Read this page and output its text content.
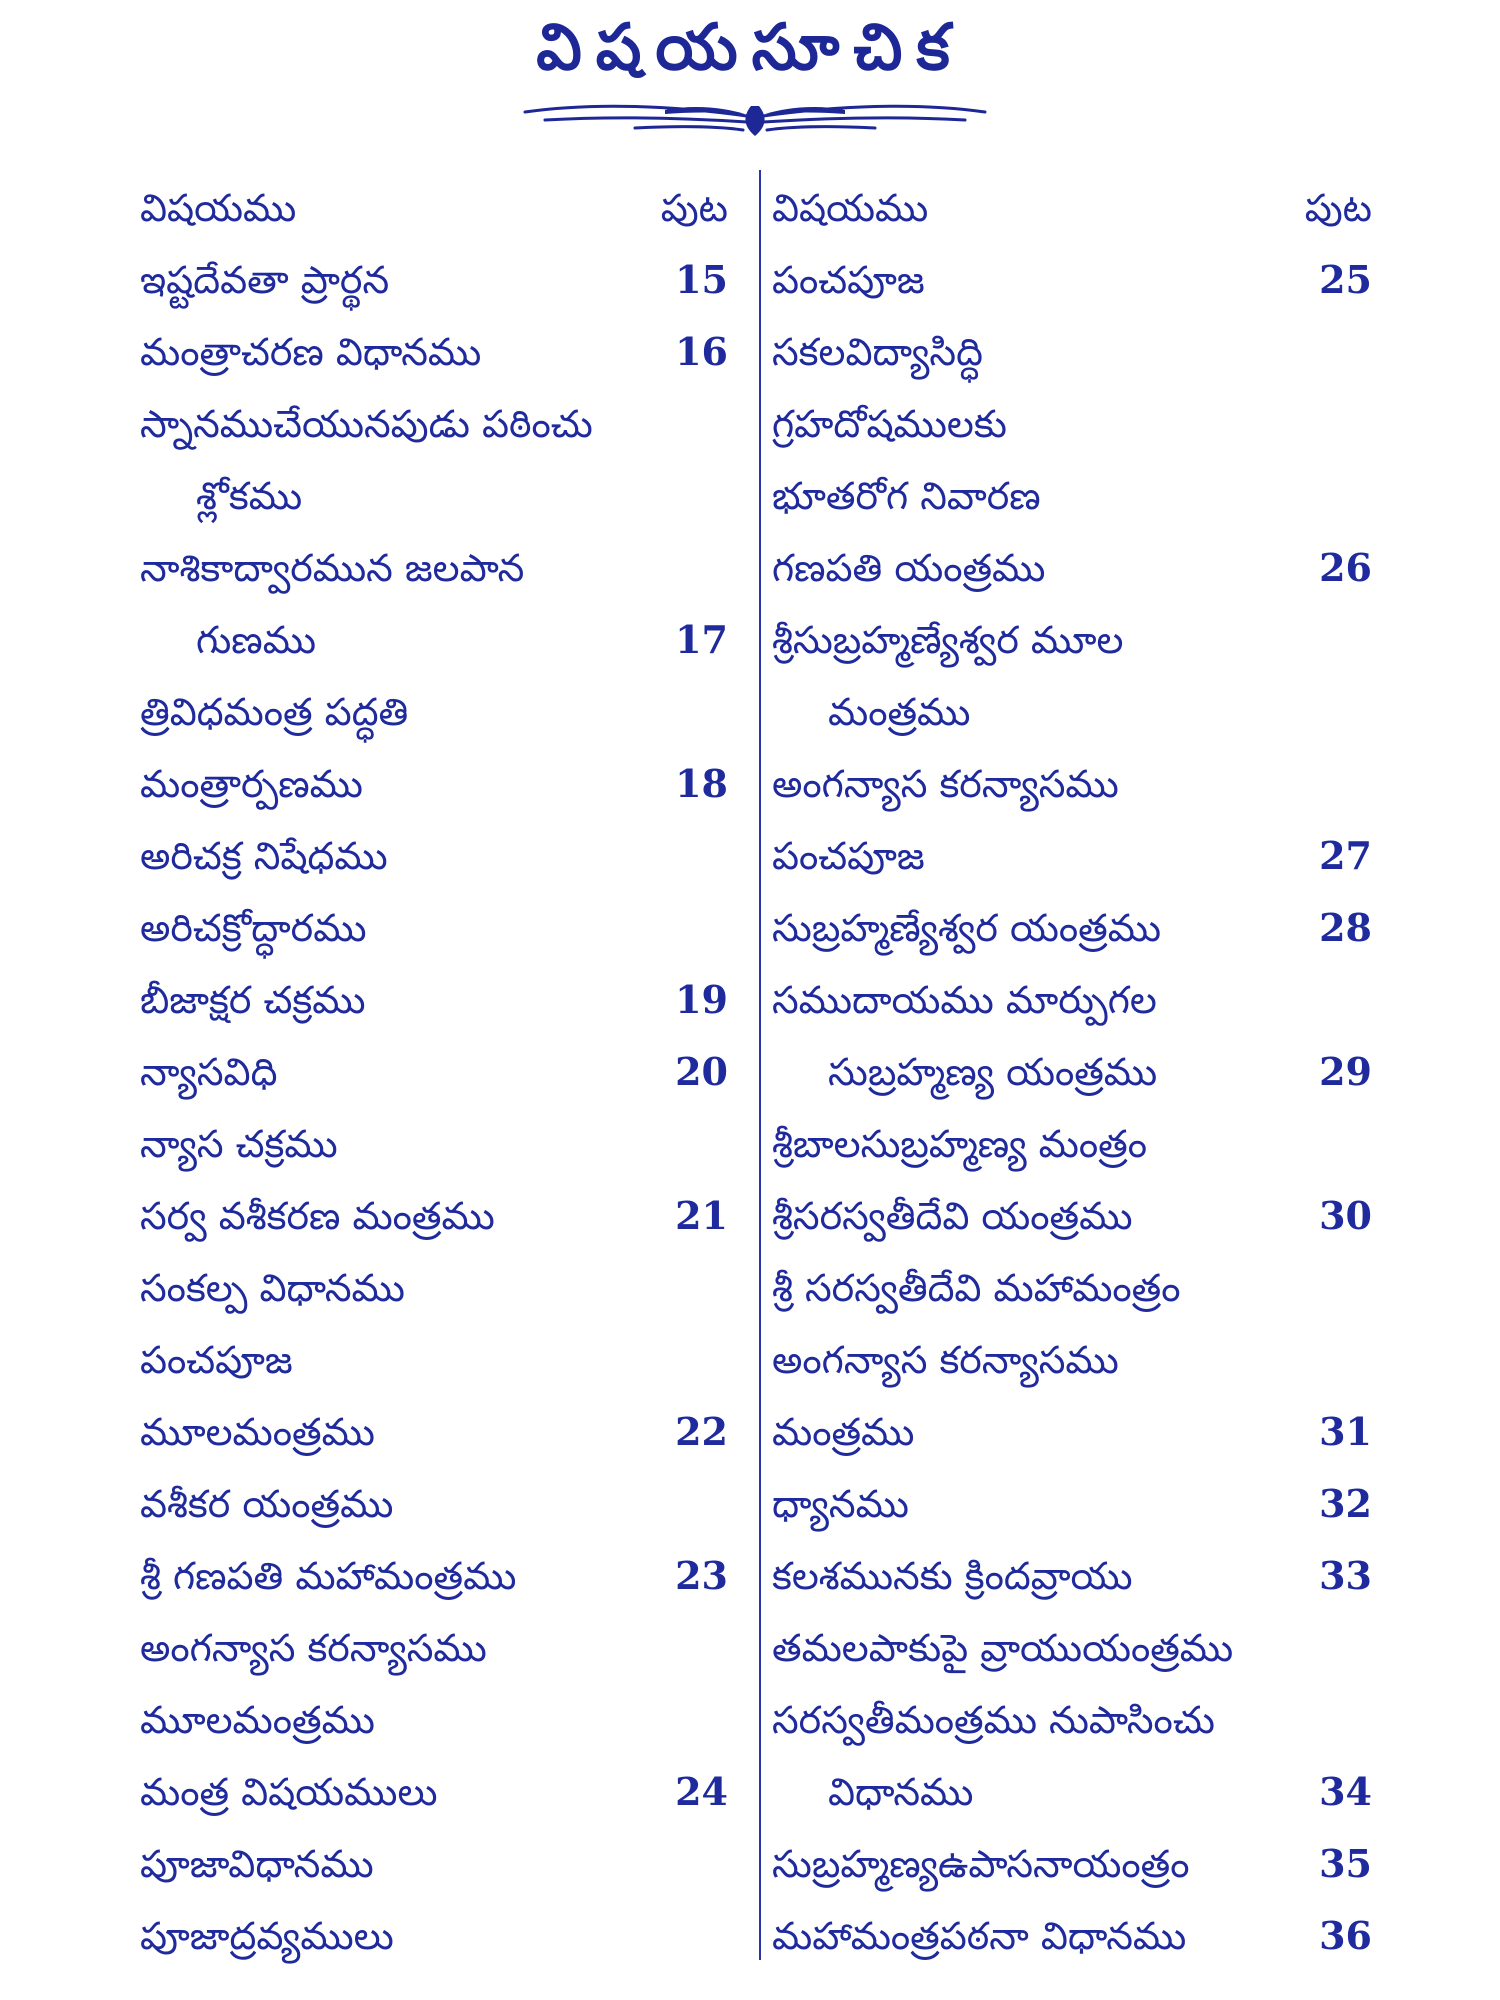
విషయసూచిక
విషయము	పుట
ఇష్టదేవతా ప్రార్థన	15
మంత్రాచరణ విధానము	16
స్నానముచేయునపుడు పఠించు
శ్లోకము
నాశికాద్వారమున జలపాన
గుణము	17
త్రివిధమంత్ర పద్ధతి
మంత్రార్పణము	18
అరిచక్ర నిషేధము
అరిచక్రోద్ధారము
బీజాక్షర చక్రము	19
న్యాసవిధి	20
న్యాస చక్రము
సర్వ వశీకరణ మంత్రము	21
సంకల్ప విధానము
పంచపూజ
మూలమంత్రము	22
వశీకర యంత్రము
శ్రీ గణపతి మహామంత్రము	23
అంగన్యాస కరన్యాసము
మూలమంత్రము
మంత్ర విషయములు	24
పూజావిధానము
పూజాద్రవ్యములు
విషయము	పుట
పంచపూజ	25
సకలవిద్యాసిద్ధి
గ్రహదోషములకు
భూతరోగ నివారణ
గణపతి యంత్రము	26
శ్రీసుబ్రహ్మణ్యేశ్వర మూల
మంత్రము
అంగన్యాస కరన్యాసము
పంచపూజ	27
సుబ్రహ్మణ్యేశ్వర యంత్రము	28
సముదాయము మార్పుగల
సుబ్రహ్మణ్య యంత్రము	29
శ్రీబాలసుబ్రహ్మణ్య మంత్రం
శ్రీసరస్వతీదేవి యంత్రము	30
శ్రీ సరస్వతీదేవి మహామంత్రం
అంగన్యాస కరన్యాసము
మంత్రము	31
ధ్యానము	32
కలశమునకు క్రిందవ్రాయు	33
తమలపాకుపై వ్రాయుయంత్రము
సరస్వతీమంత్రము నుపాసించు
విధానము	34
సుబ్రహ్మణ్యఉపాసనాయంత్రం	35
మహామంత్రపఠనా విధానము	36
